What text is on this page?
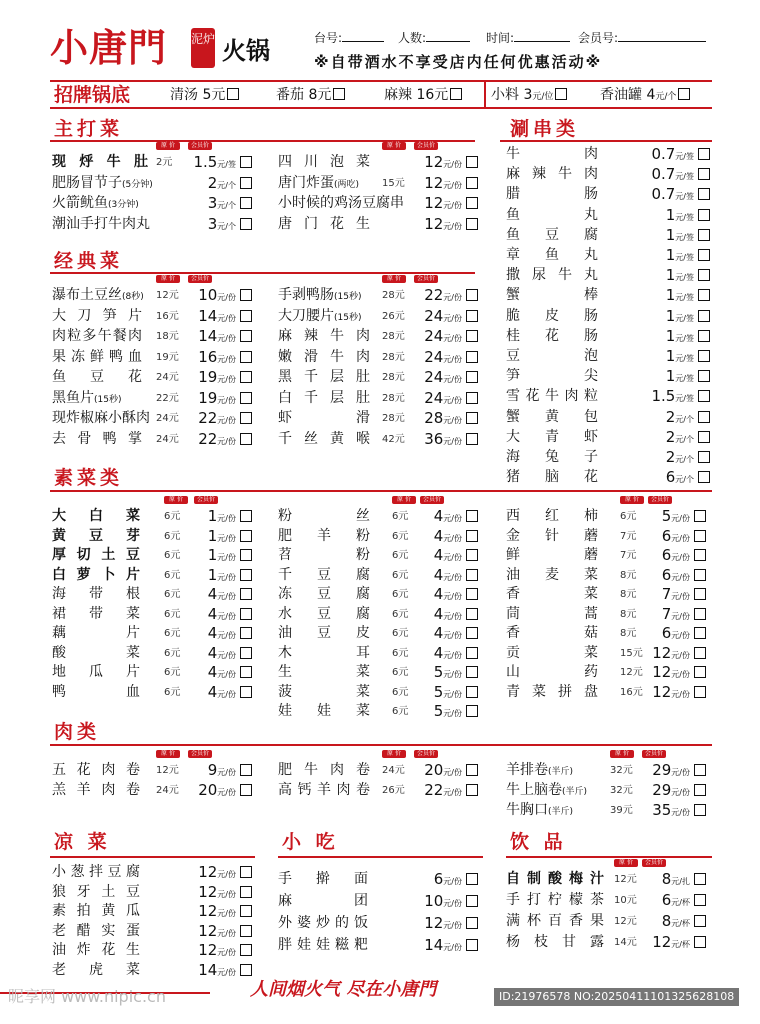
小唐門 泥炉 火锅	台号:	人数:	时间:	会员号:
※自带酒水不享受店内任何优惠活动※
招牌锅底	清汤 5元	番茄 8元	麻辣 16元	小料 3元/位	香油罐 4元/个
主打菜	涮串类
经典菜
素菜类
肉类
凉 菜	小 吃	饮 品
原 价	会员价
现烀牛肚 2元	1.5元/签
肥肠冒节子(5分钟)	2元/个
火箭鱿鱼(3分钟)	3元/个
潮汕手打牛肉丸	3元/个
原 价	会员价
四川泡菜	12元/份
唐门炸蛋(两吃)	15元	12元/份
小时候的鸡汤豆腐串	12元/份
唐门花生	12元/份
原 价	会员价
瀑布土豆丝(8秒) 12元	10元/份
大刀笋片 16元	14元/份
肉粒多午餐肉 18元	14元/份
果冻鲜鸭血 19元	16元/份
鱼豆花 24元	19元/份
黑鱼片(15秒)	22元	19元/份
现炸椒麻小酥肉 24元	22元/份
去骨鸭掌 24元	22元/份
原 价	会员价
手剥鸭肠(15秒)	28元	22元/份
大刀腰片(15秒)	26元	24元/份
麻辣牛肉 28元	24元/份
嫩滑牛肉 28元	24元/份
黑千层肚 28元	24元/份
白千层肚 28元	24元/份
虾滑 28元	28元/份
千丝黄喉 42元	36元/份
牛肉	0.7元/签
麻辣牛肉	0.7元/签
腊肠	0.7元/签
鱼丸	1元/签
鱼豆腐	1元/签
章鱼丸	1元/签
撒尿牛丸	1元/签
蟹棒	1元/签
脆皮肠	1元/签
桂花肠	1元/签
豆泡	1元/签
笋尖	1元/签
雪花牛肉粒	1.5元/签
蟹黄包	2元/个
大青虾	2元/个
海兔子	2元/个
猪脑花	6元/个
原 价	会员价
大白菜 6元	1元/份
黄豆芽 6元	1元/份
厚切土豆 6元	1元/份
白萝卜片 6元	1元/份
海带根 6元	4元/份
裙带菜 6元	4元/份
藕片 6元	4元/份
酸菜 6元	4元/份
地瓜片 6元	4元/份
鸭血 6元	4元/份
原 价	会员价
粉丝 6元	4元/份
肥羊粉 6元	4元/份
苕粉 6元	4元/份
千豆腐 6元	4元/份
冻豆腐 6元	4元/份
水豆腐 6元	4元/份
油豆皮 6元	4元/份
木耳 6元	4元/份
生菜 6元	5元/份
菠菜 6元	5元/份
娃娃菜 6元	5元/份
原 价	会员价
西红柿 6元	5元/份
金针蘑 7元	6元/份
鲜蘑 7元	6元/份
油麦菜 8元	6元/份
香菜 8元	7元/份
茼蒿 8元	7元/份
香菇 8元	6元/份
贡菜 15元 12元/份
山药 12元 12元/份
青菜拼盘 16元 12元/份
原 价	会员价
五花肉卷 12元	9元/份
羔羊肉卷 24元	20元/份
原 价	会员价
肥牛肉卷 24元	20元/份
高钙羊肉卷 26元	22元/份
原 价	会员价
羊排卷(半斤)	32元	29元/份
牛上脑卷(半斤)	32元	29元/份
牛胸口(半斤)	39元	35元/份
小葱拌豆腐	12元/份
狼牙土豆	12元/份
素拍黄瓜	12元/份
老醋实蛋	12元/份
油炸花生	12元/份
老虎菜	14元/份
手擀面	6元/份
麻团	10元/份
外婆炒的饭	12元/份
胖娃娃糍粑	14元/份
原 价	会员价
自制酸梅汁 12元	8元/扎
手打柠檬茶 10元	6元/杯
满杯百香果 12元	8元/杯
杨枝甘露 14元	12元/杯
人间烟火气 尽在小唐門
昵享网 www.nipic.cn	ID:21976578 NO:20250411101325628108
